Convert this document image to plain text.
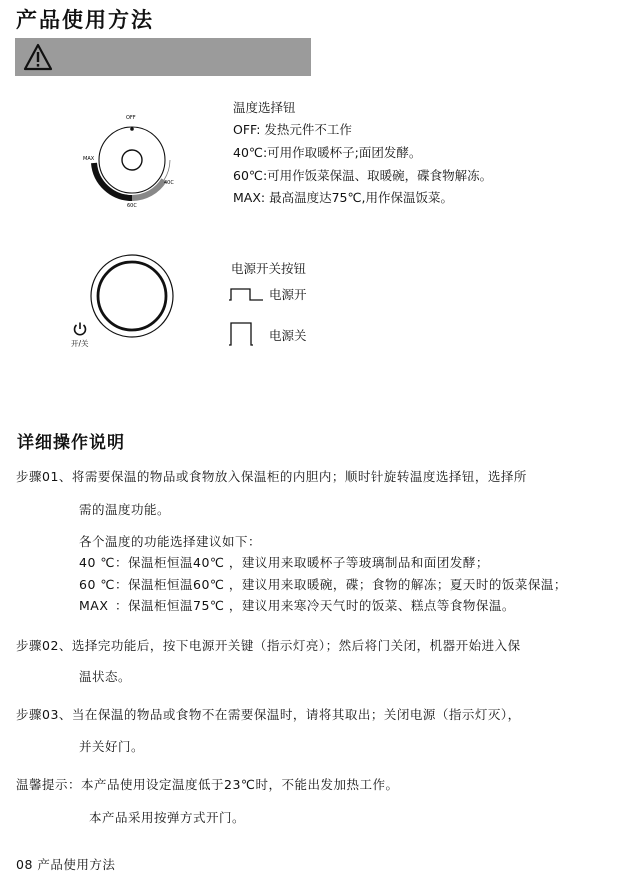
产品使用方法
OFF
MAX
40C
60C
温度选择钮
OFF: 发热元件不工作
40℃:可用作取暖杯子;面团发酵。
60℃:可用作饭菜保温、取暖碗，碟食物解冻。
MAX: 最高温度达75℃,用作保温饭菜。
开/关
电源开关按钮
电源开
电源关
详细操作说明
步骤01、将需要保温的物品或食物放入保温柜的内胆内；顺时针旋转温度选择钮，选择所
需的温度功能。
各个温度的功能选择建议如下：
40 ℃：保温柜恒温40℃ ，建议用来取暖杯子等玻璃制品和面团发酵；
60 ℃：保温柜恒温60℃ ，建议用来取暖碗，碟；食物的解冻；夏天时的饭菜保温；
MAX ：保温柜恒温75℃ ，建议用来寒冷天气时的饭菜、糕点等食物保温。
步骤02、选择完功能后，按下电源开关键（指示灯亮）；然后将门关闭，机器开始进入保
温状态。
步骤03、当在保温的物品或食物不在需要保温时，请将其取出；关闭电源（指示灯灭），
并关好门。
温馨提示：本产品使用设定温度低于23℃时，不能出发加热工作。
本产品采用按弹方式开门。
08 产品使用方法
